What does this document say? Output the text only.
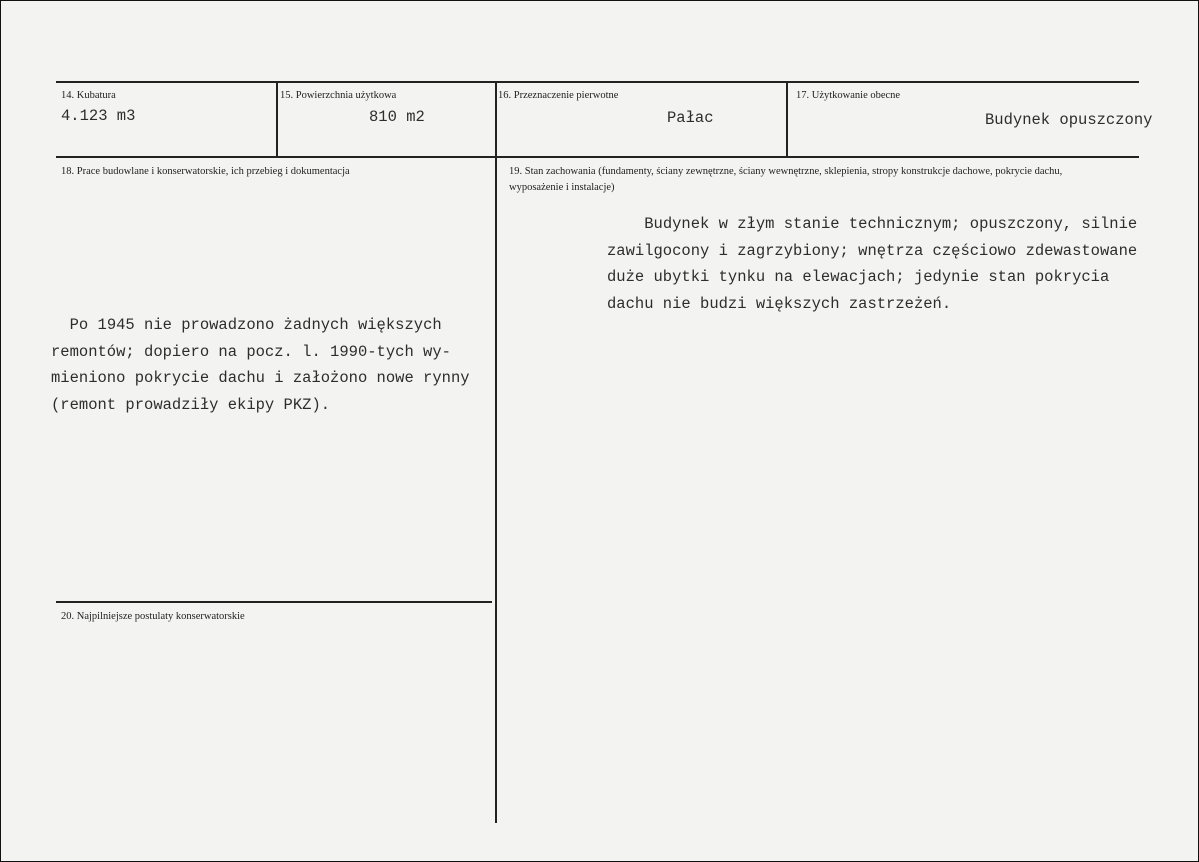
14. Kubatura
4.123 m3
15. Powierzchnia użytkowa
810 m2
16. Przeznaczenie pierwotne
Pałac
17. Użytkowanie obecne
Budynek opuszczony
18. Prace budowlane i konserwatorskie, ich przebieg i dokumentacja
Po 1945 nie prowadzono żadnych większych
remontów; dopiero na pocz. l. 1990-tych wy-
mieniono pokrycie dachu i założono nowe rynny
(remont prowadziły ekipy PKZ).
19. Stan zachowania (fundamenty, ściany zewnętrzne, ściany wewnętrzne, sklepienia, stropy konstrukcje dachowe, pokrycie dachu, wyposażenie i instalacje)
Budynek w złym stanie technicznym; opuszczony, silnie
zawilgocony i zagrzybiony; wnętrza częściowo zdewastowane
duże ubytki tynku na elewacjach; jedynie stan pokrycia
dachu nie budzi większych zastrzeżeń.
20. Najpilniejsze postulaty konserwatorskie
